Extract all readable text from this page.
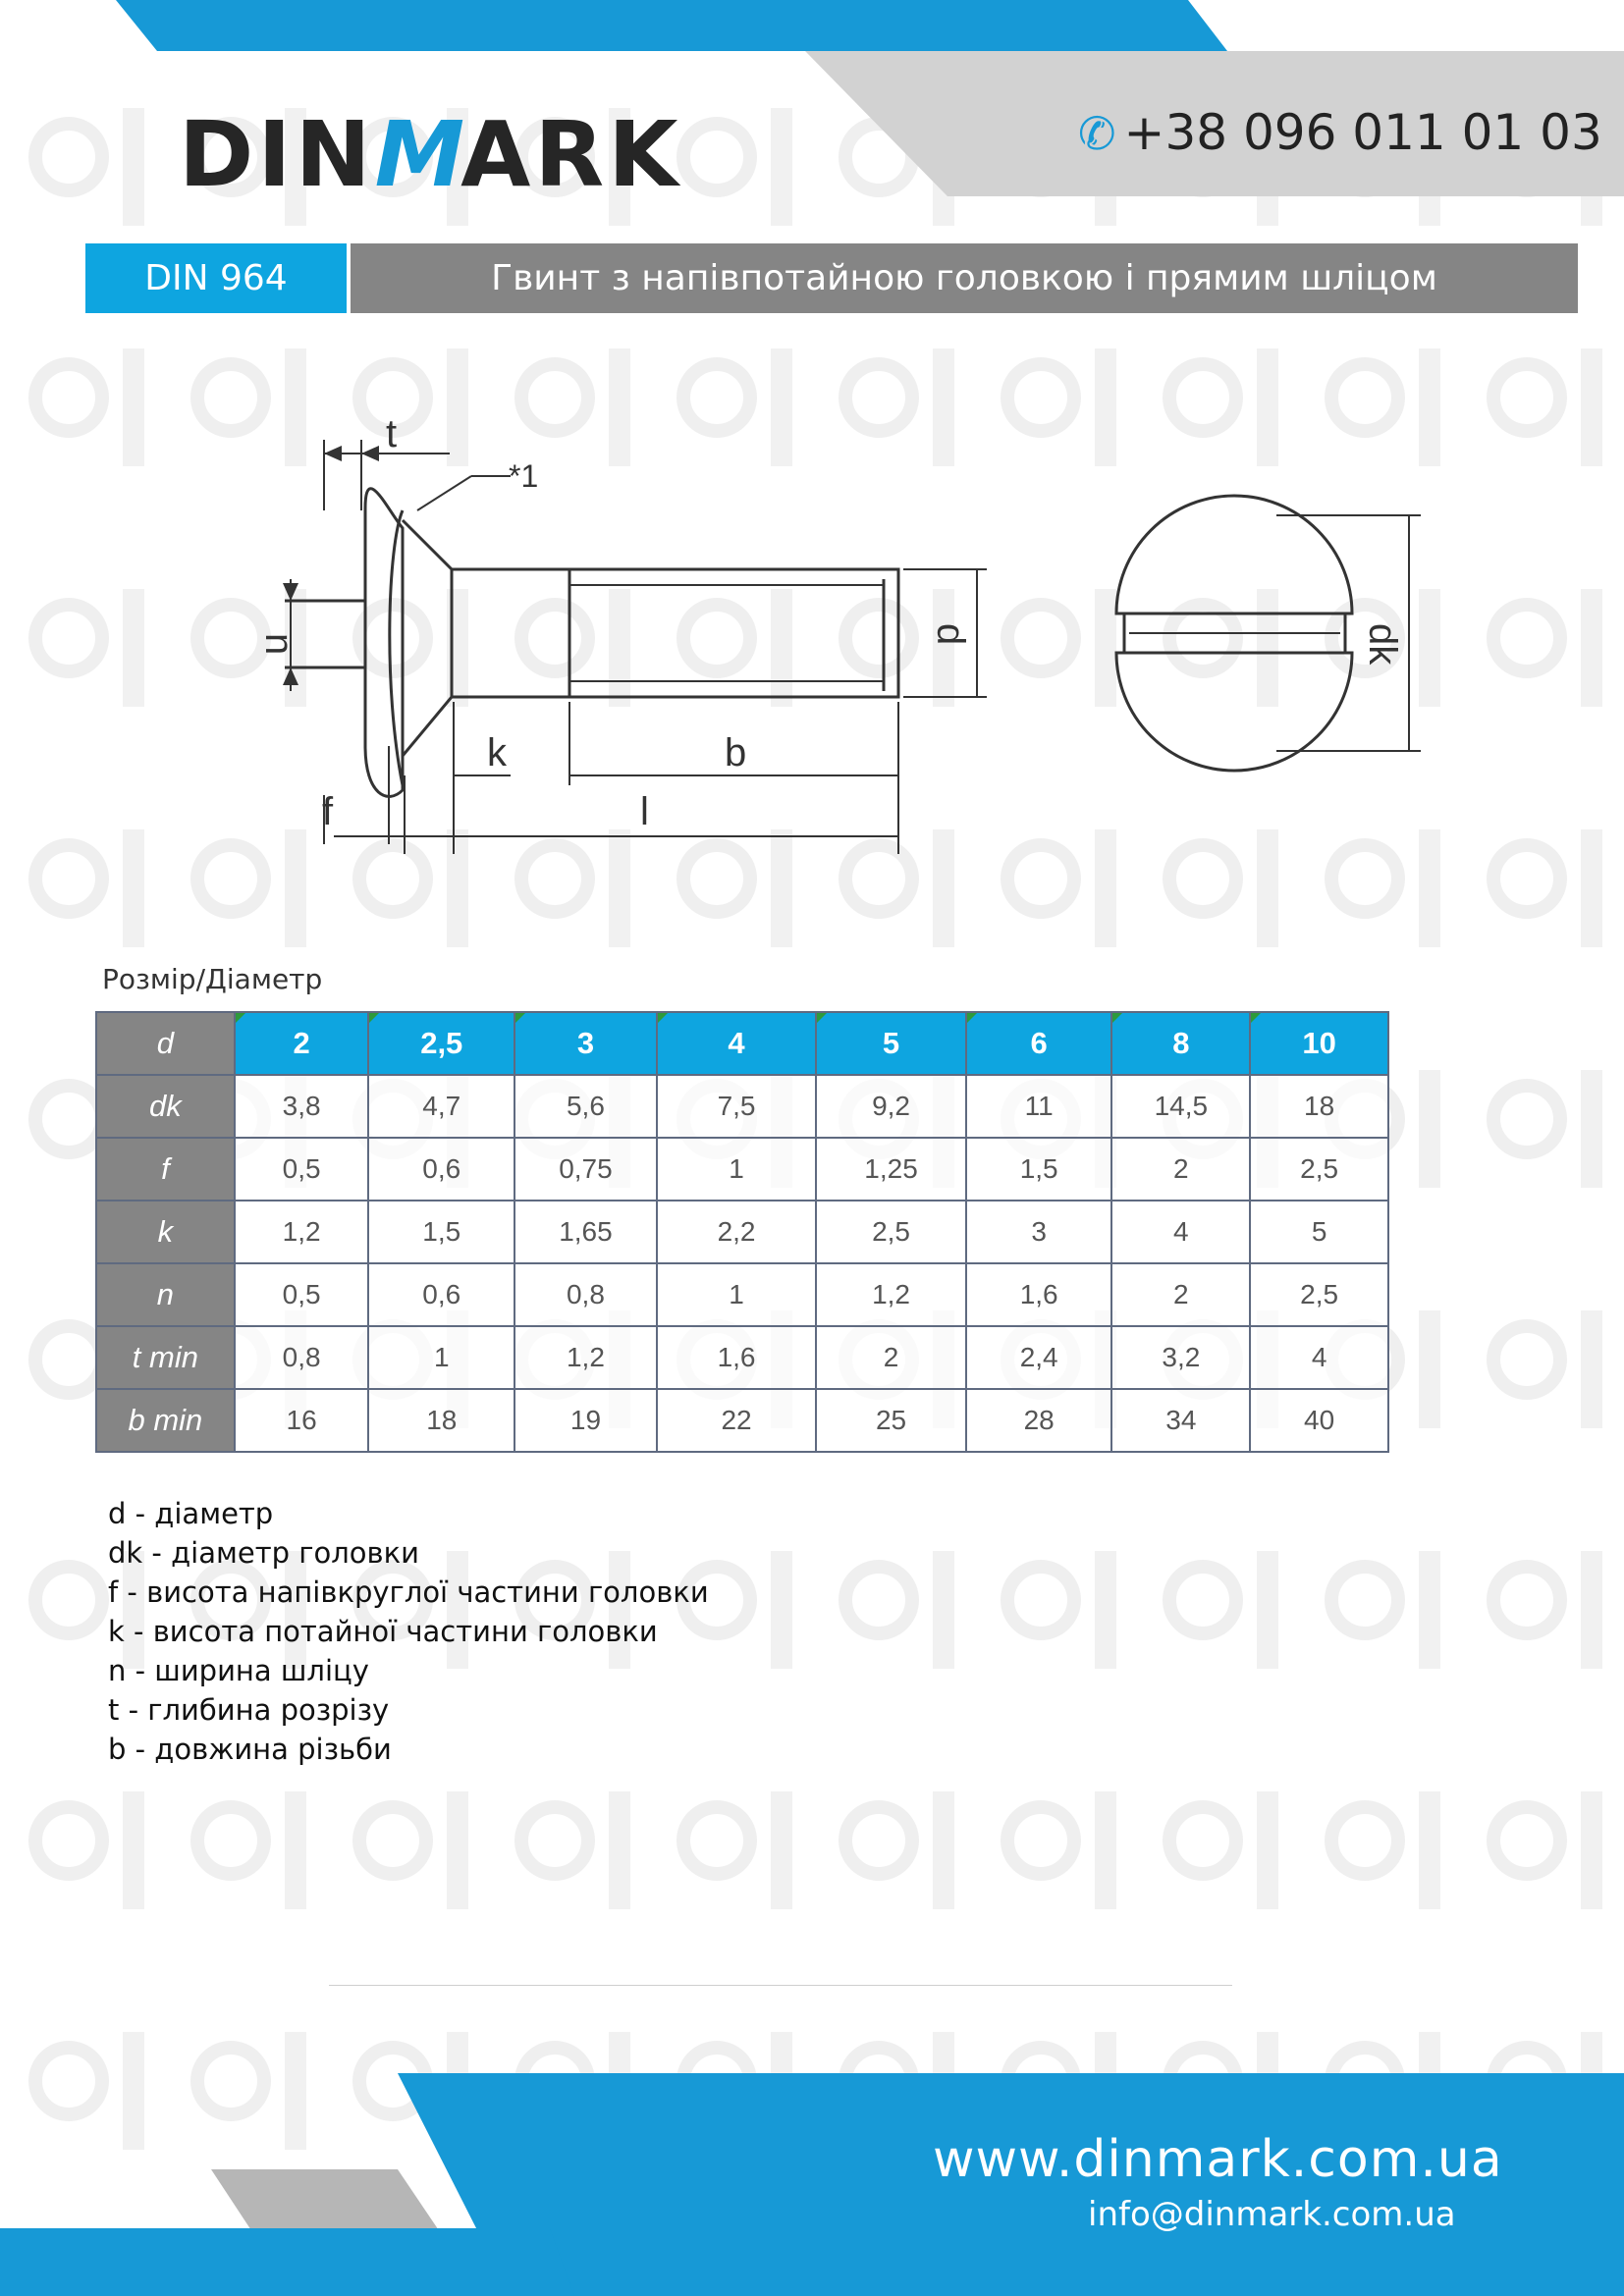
DINMARK	✆ +38 096 011 01 03
DIN 964	Гвинт з напівпотайною головкою і прямим шліцом
t
*1
n	d
k	b
f	l
dk
Розмір/Діаметр
d	2	2,5	3	4	5	6	8	10
dk	3,8	4,7	5,6	7,5	9,2	11	14,5	18
f	0,5	0,6	0,75	1	1,25	1,5	2	2,5
k	1,2	1,5	1,65	2,2	2,5	3	4	5
n	0,5	0,6	0,8	1	1,2	1,6	2	2,5
t min	0,8	1	1,2	1,6	2	2,4	3,2	4
b min	16	18	19	22	25	28	34	40
d - діаметр
dk - діаметр головки
f - висота напівкруглої частини головки
k - висота потайної частини головки
n - ширина шліцу
t - глибина розрізу
b - довжина різьби
www.dinmark.com.ua
info@dinmark.com.ua
